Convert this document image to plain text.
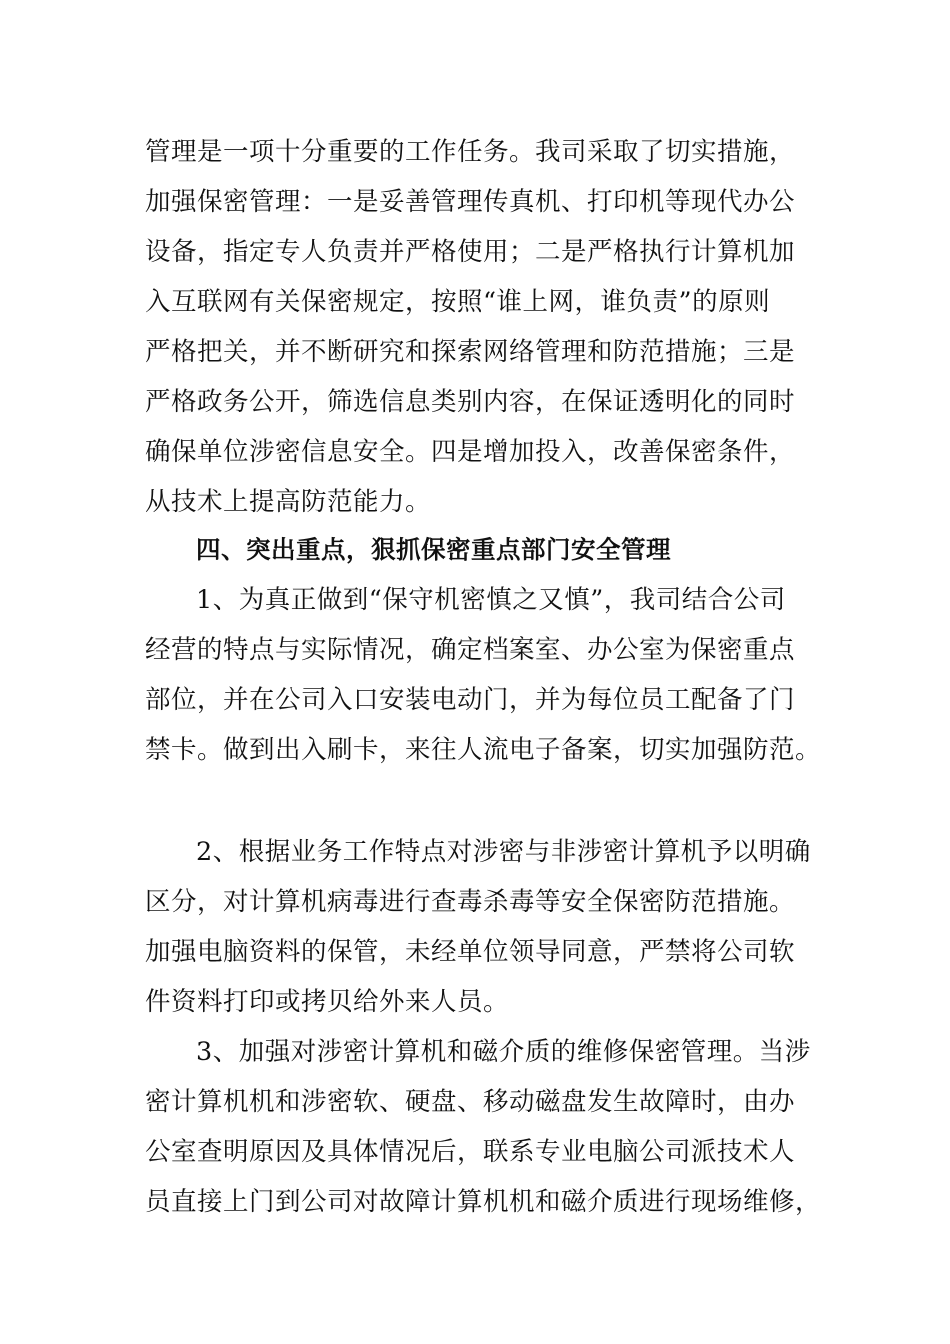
管理是一项十分重要的工作任务。我司采取了切实措施，
加强保密管理：一是妥善管理传真机、打印机等现代办公
设备，指定专人负责并严格使用；二是严格执行计算机加
入互联网有关保密规定，按照“谁上网，谁负责”的原则
严格把关，并不断研究和探索网络管理和防范措施；三是
严格政务公开，筛选信息类别内容，在保证透明化的同时
确保单位涉密信息安全。四是增加投入，改善保密条件，
从技术上提高防范能力。
四、突出重点，狠抓保密重点部门安全管理
1、为真正做到“保守机密慎之又慎”，我司结合公司
经营的特点与实际情况，确定档案室、办公室为保密重点
部位，并在公司入口安装电动门，并为每位员工配备了门
禁卡。做到出入刷卡，来往人流电子备案，切实加强防范。
2、根据业务工作特点对涉密与非涉密计算机予以明确
区分，对计算机病毒进行查毒杀毒等安全保密防范措施。
加强电脑资料的保管，未经单位领导同意，严禁将公司软
件资料打印或拷贝给外来人员。
3、加强对涉密计算机和磁介质的维修保密管理。当涉
密计算机机和涉密软、硬盘、移动磁盘发生故障时，由办
公室查明原因及具体情况后，联系专业电脑公司派技术人
员直接上门到公司对故障计算机机和磁介质进行现场维修，
